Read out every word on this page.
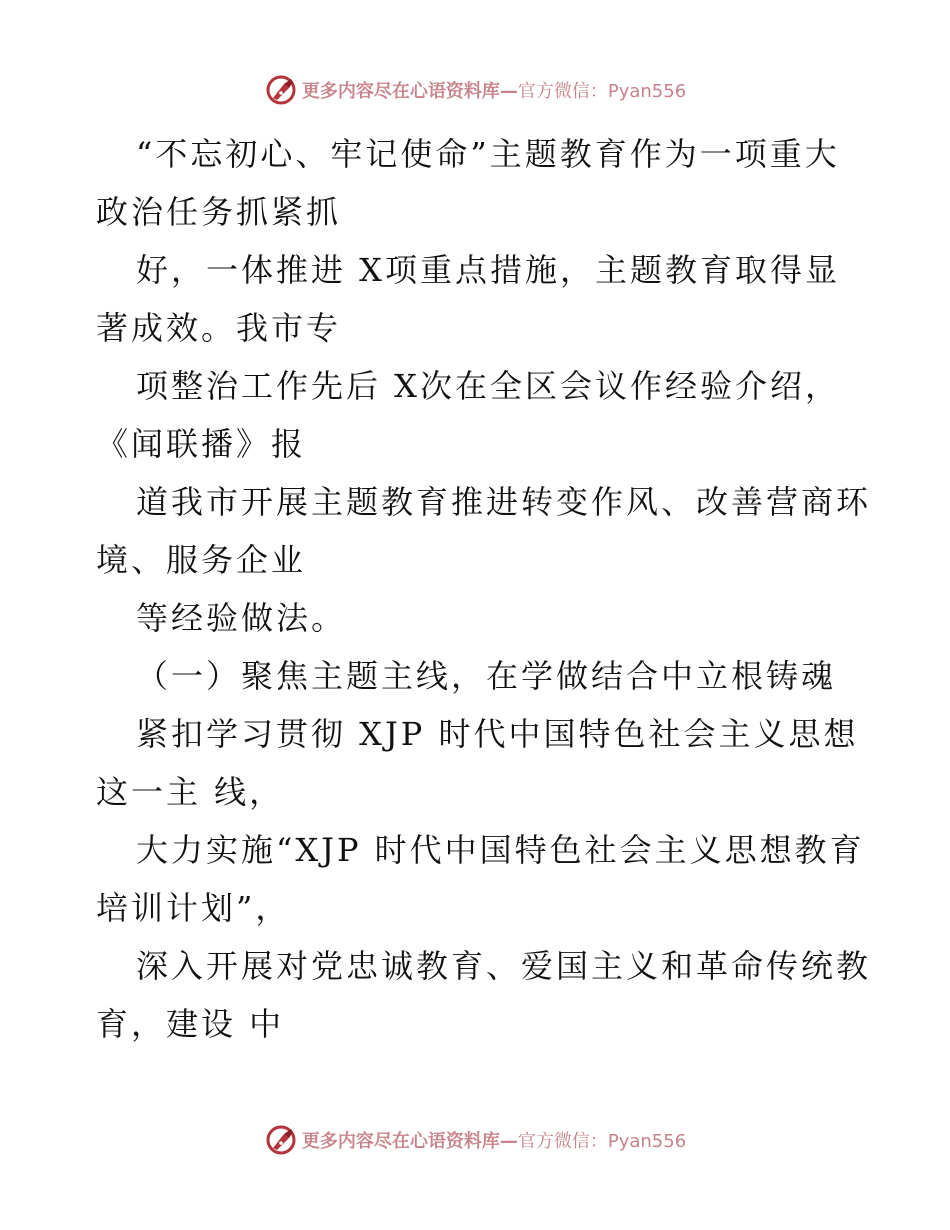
更多内容尽在心语资料库— 官方微信：Pyan556
“不忘初心、牢记使命”主题教育作为一项重大
政治任务抓紧抓
好，一体推进 X项重点措施，主题教育取得显
著成效。我市专
项整治工作先后 X次在全区会议作经验介绍，
《闻联播》报
道我市开展主题教育推进转变作风、改善营商环
境、服务企业
等经验做法。
（一）聚焦主题主线，在学做结合中立根铸魂
紧扣学习贯彻 XJP 时代中国特色社会主义思想
这一主 线，
大力实施“XJP 时代中国特色社会主义思想教育
培训计划”，
深入开展对党忠诚教育、爱国主义和革命传统教
育，建设 中
更多内容尽在心语资料库— 官方微信：Pyan556
